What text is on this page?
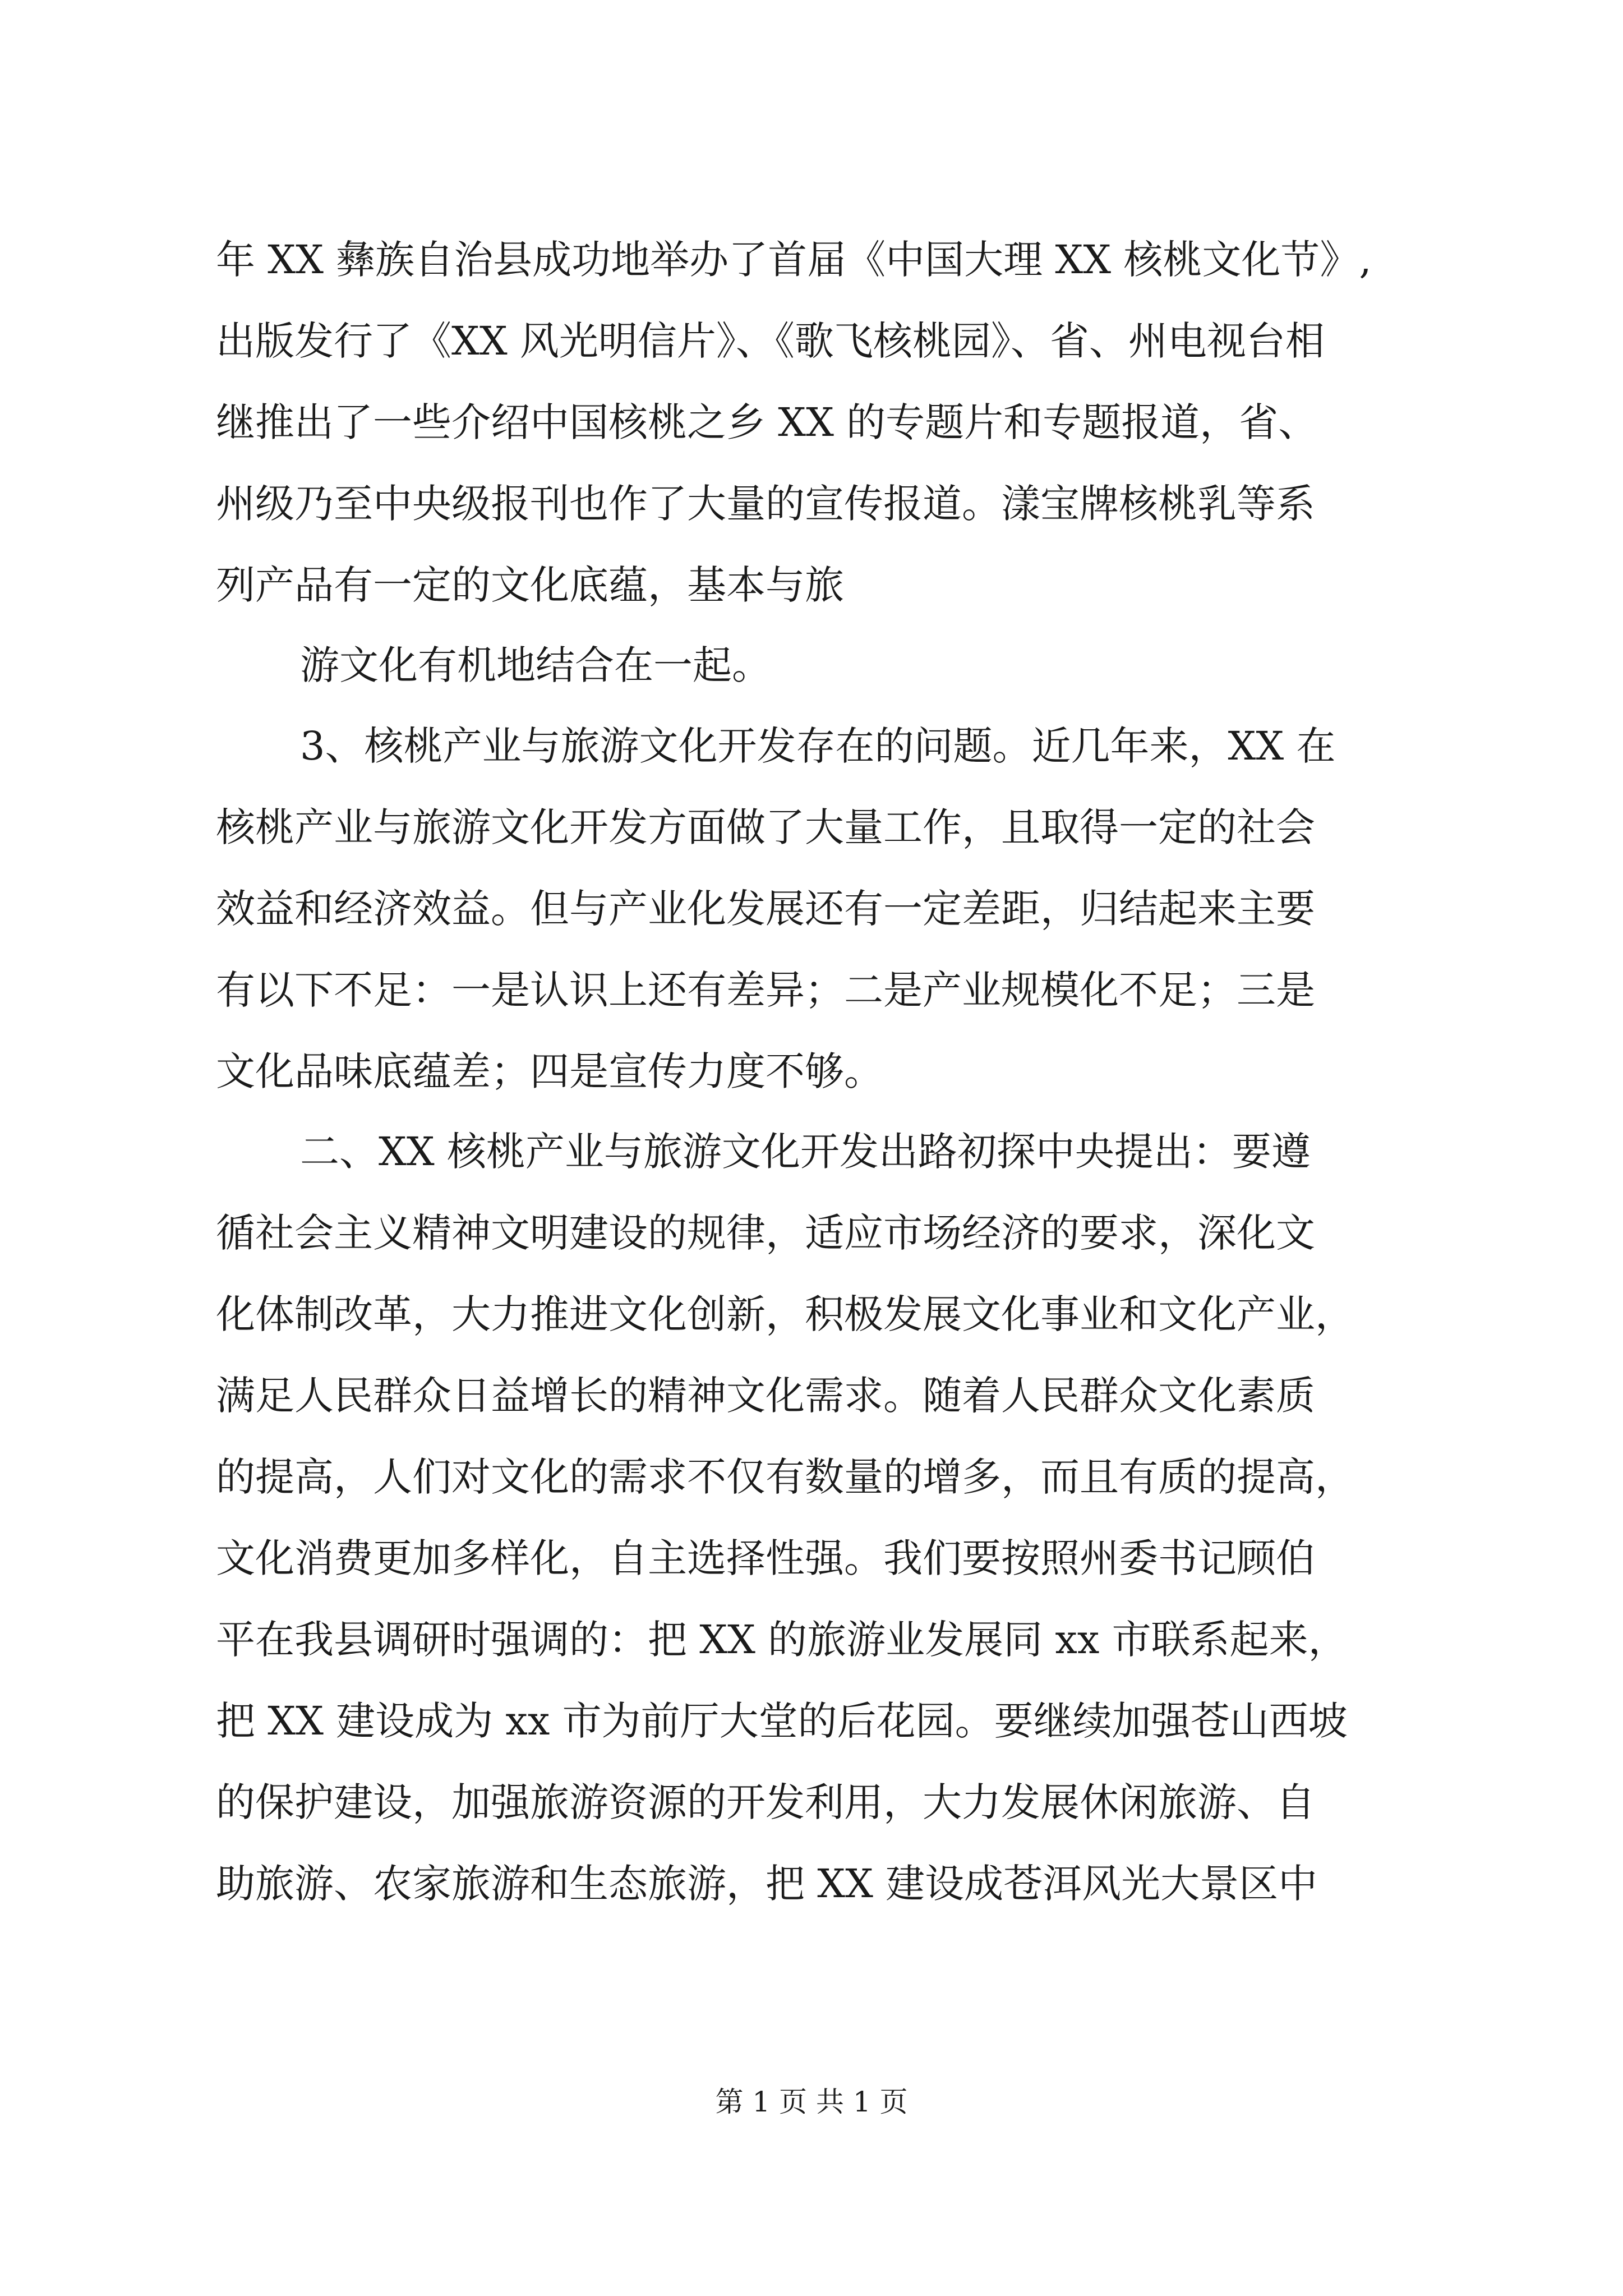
年 XX 彝族自治县成功地举办了首届《中国大理 XX 核桃文化节》,
出版发行了《XX 风光明信片》、《歌飞核桃园》、省、州电视台相
继推出了一些介绍中国核桃之乡 XX 的专题片和专题报道，省、
州级乃至中央级报刊也作了大量的宣传报道。漾宝牌核桃乳等系
列产品有一定的文化底蕴，基本与旅
游文化有机地结合在一起。
3、核桃产业与旅游文化开发存在的问题。近几年来，XX 在
核桃产业与旅游文化开发方面做了大量工作，且取得一定的社会
效益和经济效益。但与产业化发展还有一定差距，归结起来主要
有以下不足：一是认识上还有差异；二是产业规模化不足；三是
文化品味底蕴差；四是宣传力度不够。
二、XX 核桃产业与旅游文化开发出路初探中央提出：要遵
循社会主义精神文明建设的规律，适应市场经济的要求，深化文
化体制改革，大力推进文化创新，积极发展文化事业和文化产业，
满足人民群众日益增长的精神文化需求。随着人民群众文化素质
的提高，人们对文化的需求不仅有数量的增多，而且有质的提高，
文化消费更加多样化，自主选择性强。我们要按照州委书记顾伯
平在我县调研时强调的：把 XX 的旅游业发展同 xx 市联系起来，
把 XX 建设成为 xx 市为前厅大堂的后花园。要继续加强苍山西坡
的保护建设，加强旅游资源的开发利用，大力发展休闲旅游、自
助旅游、农家旅游和生态旅游，把 XX 建设成苍洱风光大景区中
第 1 页 共 1 页
